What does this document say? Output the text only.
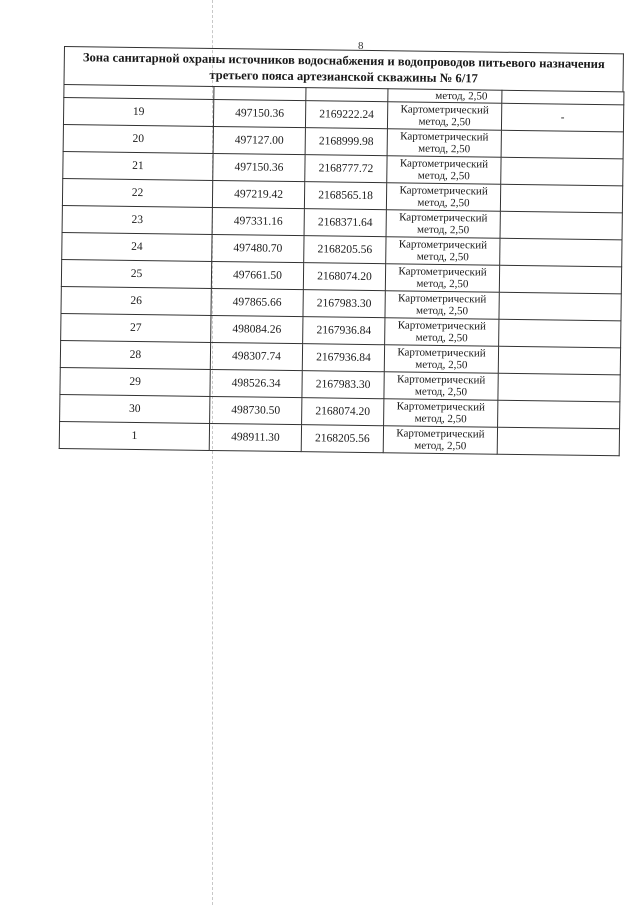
8
Зона санитарной охраны источников водоснабжения и водопроводов питьевого назначения
третьего пояса артезианской скважины № 6/17
			метод, 2,50	
19	497150.36	2169222.24	Картометрический
метод, 2,50	-
20	497127.00	2168999.98	Картометрический
метод, 2,50	

21	497150.36	2168777.72	Картометрический
метод, 2,50	

22	497219.42	2168565.18	Картометрический
метод, 2,50	

23	497331.16	2168371.64	Картометрический
метод, 2,50	

24	497480.70	2168205.56	Картометрический
метод, 2,50	

25	497661.50	2168074.20	Картометрический
метод, 2,50	

26	497865.66	2167983.30	Картометрический
метод, 2,50	

27	498084.26	2167936.84	Картометрический
метод, 2,50	

28	498307.74	2167936.84	Картометрический
метод, 2,50	

29	498526.34	2167983.30	Картометрический
метод, 2,50	

30	498730.50	2168074.20	Картометрический
метод, 2,50	

1	498911.30	2168205.56	Картометрический
метод, 2,50	
